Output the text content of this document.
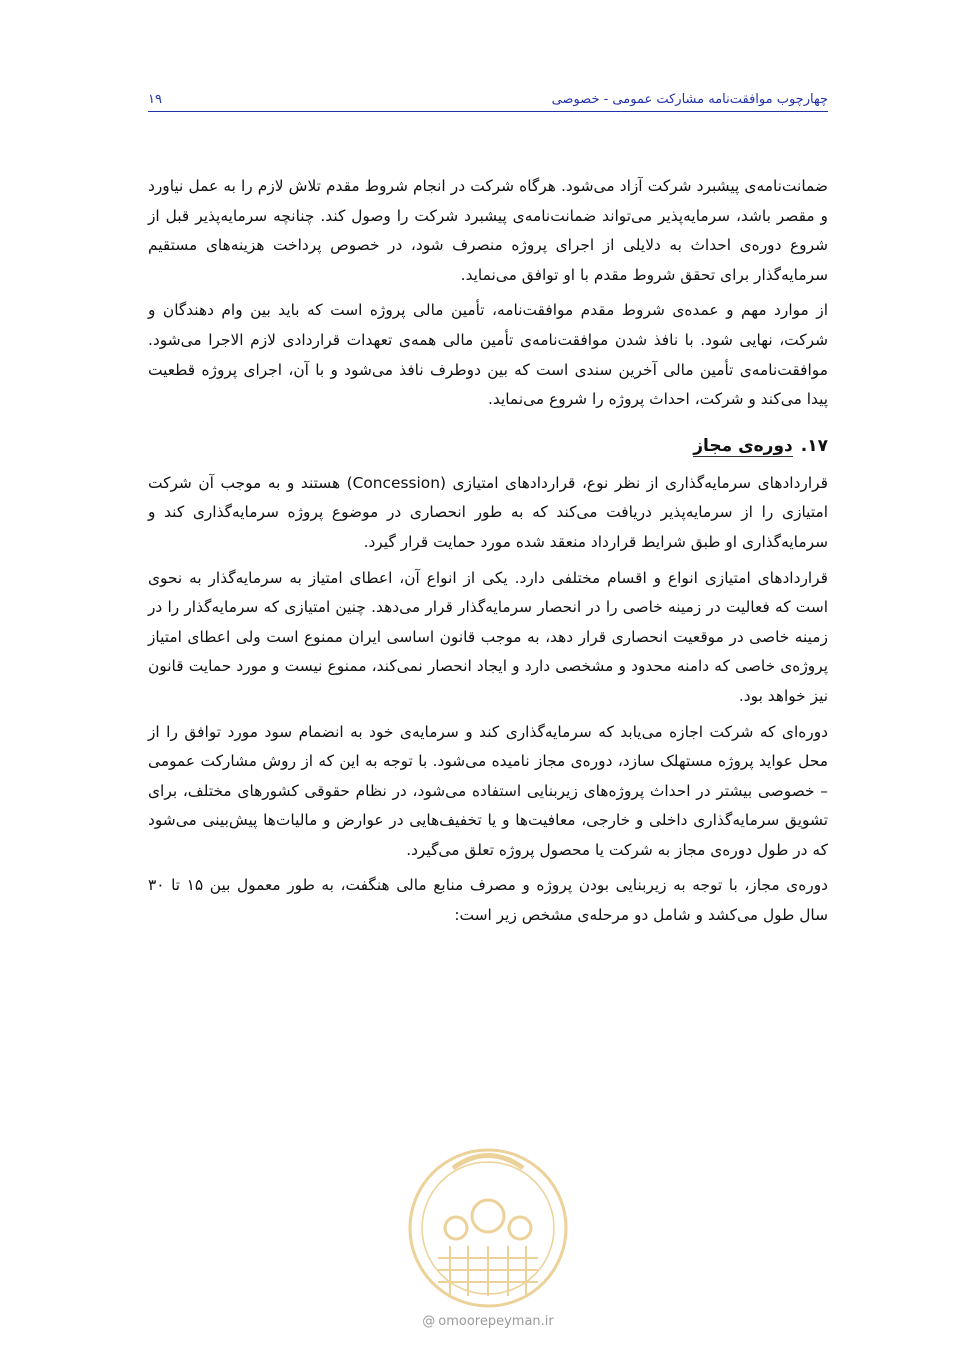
چهارچوب موافقت‌نامه مشارکت عمومی - خصوصی
۱۹

ضمانت‌نامه‌ی پیشبرد شرکت آزاد می‌شود. هرگاه شرکت در انجام شروط مقدم تلاش لازم را به عمل نیاورد و مقصر باشد، سرمایه‌پذیر می‌تواند ضمانت‌نامه‌ی پیشبرد شرکت را وصول کند. چنانچه سرمایه‌پذیر قبل از شروع دوره‌ی احداث به دلایلی از اجرای پروژه منصرف شود، در خصوص پرداخت هزینه‌های مستقیم سرمایه‌گذار برای تحقق شروط مقدم با او توافق می‌نماید.

از موارد مهم و عمده‌ی شروط مقدم موافقت‌نامه، تأمین مالی پروژه است که باید بین وام دهندگان و شرکت، نهایی شود. با نافذ شدن موافقت‌نامه‌ی تأمین مالی همه‌ی تعهدات قراردادی لازم الاجرا می‌شود. موافقت‌نامه‌ی تأمین مالی آخرین سندی است که بین دوطرف نافذ می‌شود و با آن، اجرای پروژه قطعیت پیدا می‌کند و شرکت، احداث پروژه را شروع می‌نماید.

۱۷.دوره‌ی مجاز

قراردادهای سرمایه‌گذاری از نظر نوع، قراردادهای امتیازی (Concession) هستند و به موجب آن شرکت امتیازی را از سرمایه‌پذیر دریافت می‌کند که به طور انحصاری در موضوع پروژه سرمایه‌گذاری کند و سرمایه‌گذاری او طبق شرایط قرارداد منعقد شده مورد حمایت قرار گیرد.

قراردادهای امتیازی انواع و اقسام مختلفی دارد. یکی از انواع آن، اعطای امتیاز به سرمایه‌گذار به نحوی است که فعالیت در زمینه خاصی را در انحصار سرمایه‌گذار قرار می‌دهد. چنین امتیازی که سرمایه‌گذار را در زمینه خاصی در موقعیت انحصاری قرار دهد، به موجب قانون اساسی ایران ممنوع است ولی اعطای امتیاز پروژه‌ی خاصی که دامنه محدود و مشخصی دارد و ایجاد انحصار نمی‌کند، ممنوع نیست و مورد حمایت قانون نیز خواهد بود.

دوره‌ای که شرکت اجازه می‌یابد که سرمایه‌گذاری کند و سرمایه‌ی خود به انضمام سود مورد توافق را از محل عواید پروژه مستهلک سازد، دوره‌ی مجاز نامیده می‌شود. با توجه به این که از روش مشارکت عمومی – خصوصی بیشتر در احداث پروژه‌های زیربنایی استفاده می‌شود، در نظام حقوقی کشورهای مختلف، برای تشویق سرمایه‌گذاری داخلی و خارجی، معافیت‌ها و یا تخفیف‌هایی در عوارض و مالیات‌ها پیش‌بینی می‌شود که در طول دوره‌ی مجاز به شرکت یا محصول پروژه تعلق می‌گیرد.

دوره‌ی مجاز، با توجه به زیربنایی بودن پروژه و مصرف منابع مالی هنگفت، به طور معمول بین ۱۵ تا ۳۰ سال طول می‌کشد و شامل دو مرحله‌ی مشخص زیر است:

@ omoorepeyman.ir
